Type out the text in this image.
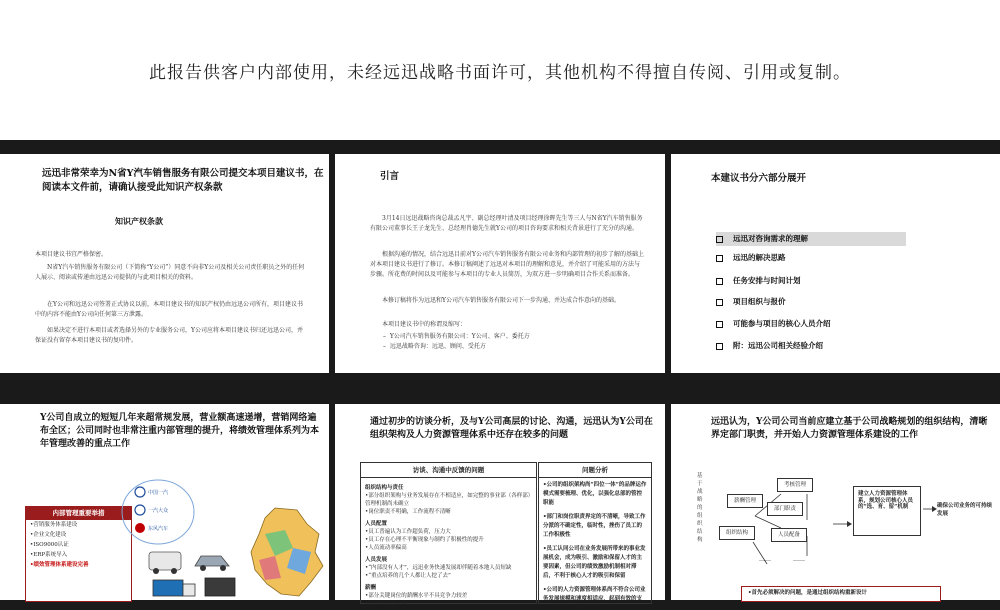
此报告供客户内部使用，未经远迅战略书面许可，其他机构不得擅自传阅、引用或复制。
远迅非常荣幸为N省Y汽车销售服务有限公司提交本项目建议书，在阅读本文件前，请确认接受此知识产权条款
知识产权条款
本项目建议书宜严格保密。
N省Y汽车销售服务有限公司（下简称“Y公司”）同意不向非Y公司及相关公司责任职员之外的任何人展示、阅读或传递由远迅公司提供的与此项目相关的资料。
在Y公司和远迅公司签署正式协议以前，本项目建议书的知识产权仍由远迅公司所有，项目建议书中的内容不能由Y公司向任何第三方泄露。
如果决定不进行本项目或者选择另外的专业服务公司，Y公司应将本项目建议书归还远迅公司，并保证没有留存本项目建议书的复印件。
引言
3月14日远迅战略咨询总裁孟凡宇、副总经理叶清及项目经理徐晖先生等三人与N省Y汽车销售服务有限公司董事长王子龙先生、总经理肖德先生就Y公司的项目咨询要求和相关背景进行了充分的沟通。
根据沟通的情况，结合远迅目前对Y公司汽车销售服务有限公司业务和内部管理的初步了解的基础上对本项目建议书进行了修订。本修订稿阐述了远迅对本项目的理解和意见，并介绍了可能采用的方法与步骤。所花费的时间以及可能参与本项目的专业人员简历，为双方进一步明确项目合作关系而准备。
本修订稿将作为远迅和Y公司汽车销售服务有限公司下一步沟通、并达成合作意向的基础。
本项目建议书中的称谓及缩写：
–  Y公司汽车销售服务有限公司：Y公司、客户、委托方
–  远迅战略咨询：远迅、顾问、受托方
本建议书分六部分展开
远迅对咨询需求的理解
远迅的解决思路
任务安排与时间计划
项目组织与报价
可能参与项目的核心人员介绍
附：远迅公司相关经验介绍
Y公司自成立的短短几年来超常规发展，营业额高速递增，营销网络遍布全区；公司同时也非常注重内部管理的提升，将绩效管理体系列为本年管理改善的重点工作
内部管理重要举措
•营销服务体系建设
•企业文化建设
•ISO9000认证
•ERP系统导入
•绩效管理体系建设完善
中国一汽
一汽大众
东风汽车
通过初步的访谈分析，及与Y公司高层的讨论、沟通，远迅认为Y公司在组织架构及人力资源管理体系中还存在较多的问题
访谈、沟通中反馈的问题
组织结构与责任
•部分组织架构与业务发展存在不相适应，如完整的事业部（各样部）管理机制尚未确立
•岗位职责不明确，工作流程不清晰
人员配置
•员工普遍认为工作超负荷，压力大
•员工存在心理不平衡现象与制约了积极性的提升
•人员流动率偏高
人员发展
•“内部没有人才”，远迅业务快速发展却伴随着本地人员短缺
•“重点培养的几个人都让人挖了去”
薪酬
•部分关键岗位的薪酬水平不具竞争力较差
•薪酬结构不合理
问题分析
•公司的组织架构尚“四位一体”的品牌运作模式需要梳理、优化，以强化总部的管控职能
•部门和岗位职责界定的不清晰，导致工作分派的不确定性，临时性，挫伤了员工的工作积极性
•员工认同公司在业务发展所带来的事业发展机会，成为吸引、激励和保留人才的主要因素，但公司的绩效激励机制相对滞后，不利于核心人才的吸引和保留
•公司的人力资源管理体系尚不符合公司业务发展规模和速度相适应，起到有效的支
远迅认为，Y公司公司当前应建立基于公司战略规划的组织结构，清晰界定部门职责，并开始人力资源管理体系建设的工作
基于战略的组织结构
考核管理
薪酬管理
部门职责
人员配备
组织结构
……	……
建立人力资源管理体系，规划公司核心人员的“选、育、留”机制	确保公司业务的可持续发展
•首先必须解决的问题，是通过组织结构重新设计
